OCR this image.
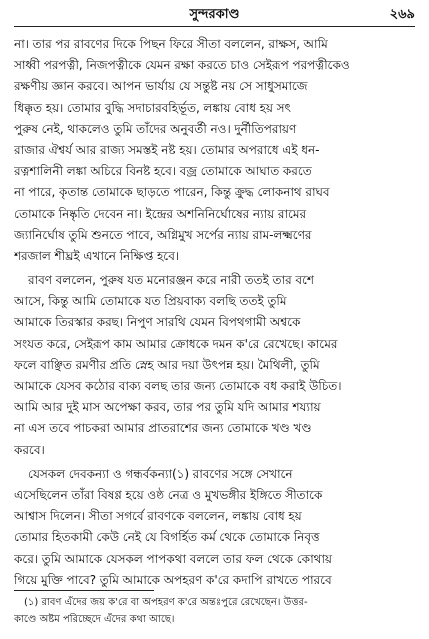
সুন্দরকাণ্ড	২৬৯
না। তার পর রাবণের দিকে পিছন ফিরে সীতা বললেন, রাক্ষস, আমি
সাধ্বী পরপত্নী, নিজপত্নীকে যেমন রক্ষা করতে চাও সেইরূপ পরপত্নীকেও
রক্ষণীয় জ্ঞান করবে। আপন ভার্যায় যে সন্তুষ্ট নয় সে সাধুসমাজে
ধিক্কৃত হয়। তোমার বুদ্ধি সদাচারবহির্ভূত, লঙ্কায় বোধ হয় সৎ
পুরুষ নেই, থাকলেও তুমি তাঁদের অনুবর্তী নও। দুর্নীতিপরায়ণ
রাজার ঐশ্বর্য আর রাজ্য সমস্তই নষ্ট হয়। তোমার অপরাধে এই ধন-
রত্নশালিনী লঙ্কা অচিরে বিনষ্ট হবে। বজ্র তোমাকে আঘাত করতে
না পারে, কৃতান্ত তোমাকে ছাড়তে পারেন, কিন্তু ক্রুদ্ধ লোকনাথ রাঘব
তোমাকে নিষ্কৃতি দেবেন না। ইন্দ্রের অশনিনির্ঘোষের ন্যায় রামের
জ্যানির্ঘোষ তুমি শুনতে পাবে, অগ্নিমুখ সর্পের ন্যায় রাম-লক্ষ্মণের
শরজাল শীঘ্রই এখানে নিক্ষিপ্ত হবে।
রাবণ বললেন, পুরুষ যত মনোরঞ্জন করে নারী তত‌ই তার বশে
আসে, কিন্তু আমি তোমাকে যত প্রিয়বাক্য বলছি তত‌ই তুমি
আমাকে তিরস্কার করছ। নিপুণ সারথি যেমন বিপথগামী অশ্বকে
সংযত করে, সেইরূপ কাম আমার ক্রোধকে দমন ক'রে রেখেছে। কামের
ফলে বাঞ্ছিত রমণীর প্রতি স্নেহ আর দয়া উৎপন্ন হয়। মৈথিলী, তুমি
আমাকে যেসব কঠোর বাক্য বলছ তার জন্য তোমাকে বধ করাই উচিত।
আমি আর দুই মাস অপেক্ষা করব, তার পর তুমি যদি আমার শয্যায়
না এস তবে পাচকরা আমার প্রাতরাশের জন্য তোমাকে খণ্ড খণ্ড
করবে।
যেসকল দেবকন্যা ও গন্ধর্বকন্যা(১) রাবণের সঙ্গে সেখানে
এসেছিলেন তাঁরা বিষণ্ণ হয়ে ওষ্ঠ নেত্র ও মুখভঙ্গীর ইঙ্গিতে সীতাকে
আশ্বাস দিলেন। সীতা সগর্বে রাবণকে বললেন, লঙ্কায় বোধ হয়
তোমার হিতকামী কেউ নেই যে বিগর্হিত কর্ম থেকে তোমাকে নিবৃত্ত
করে। তুমি আমাকে যেসকল পাপকথা বললে তার ফল থেকে কোথায়
গিয়ে মুক্তি পাবে? তুমি আমাকে অপহরণ ক'রে কদাপি রাখতে পারবে
(১) রাবণ এঁদের জয় ক'রে বা অপহরণ ক'রে অন্তঃপুরে রেখেছেন। উত্তর-
কাণ্ডে অষ্টম পরিচ্ছেদে এঁদের কথা আছে।
